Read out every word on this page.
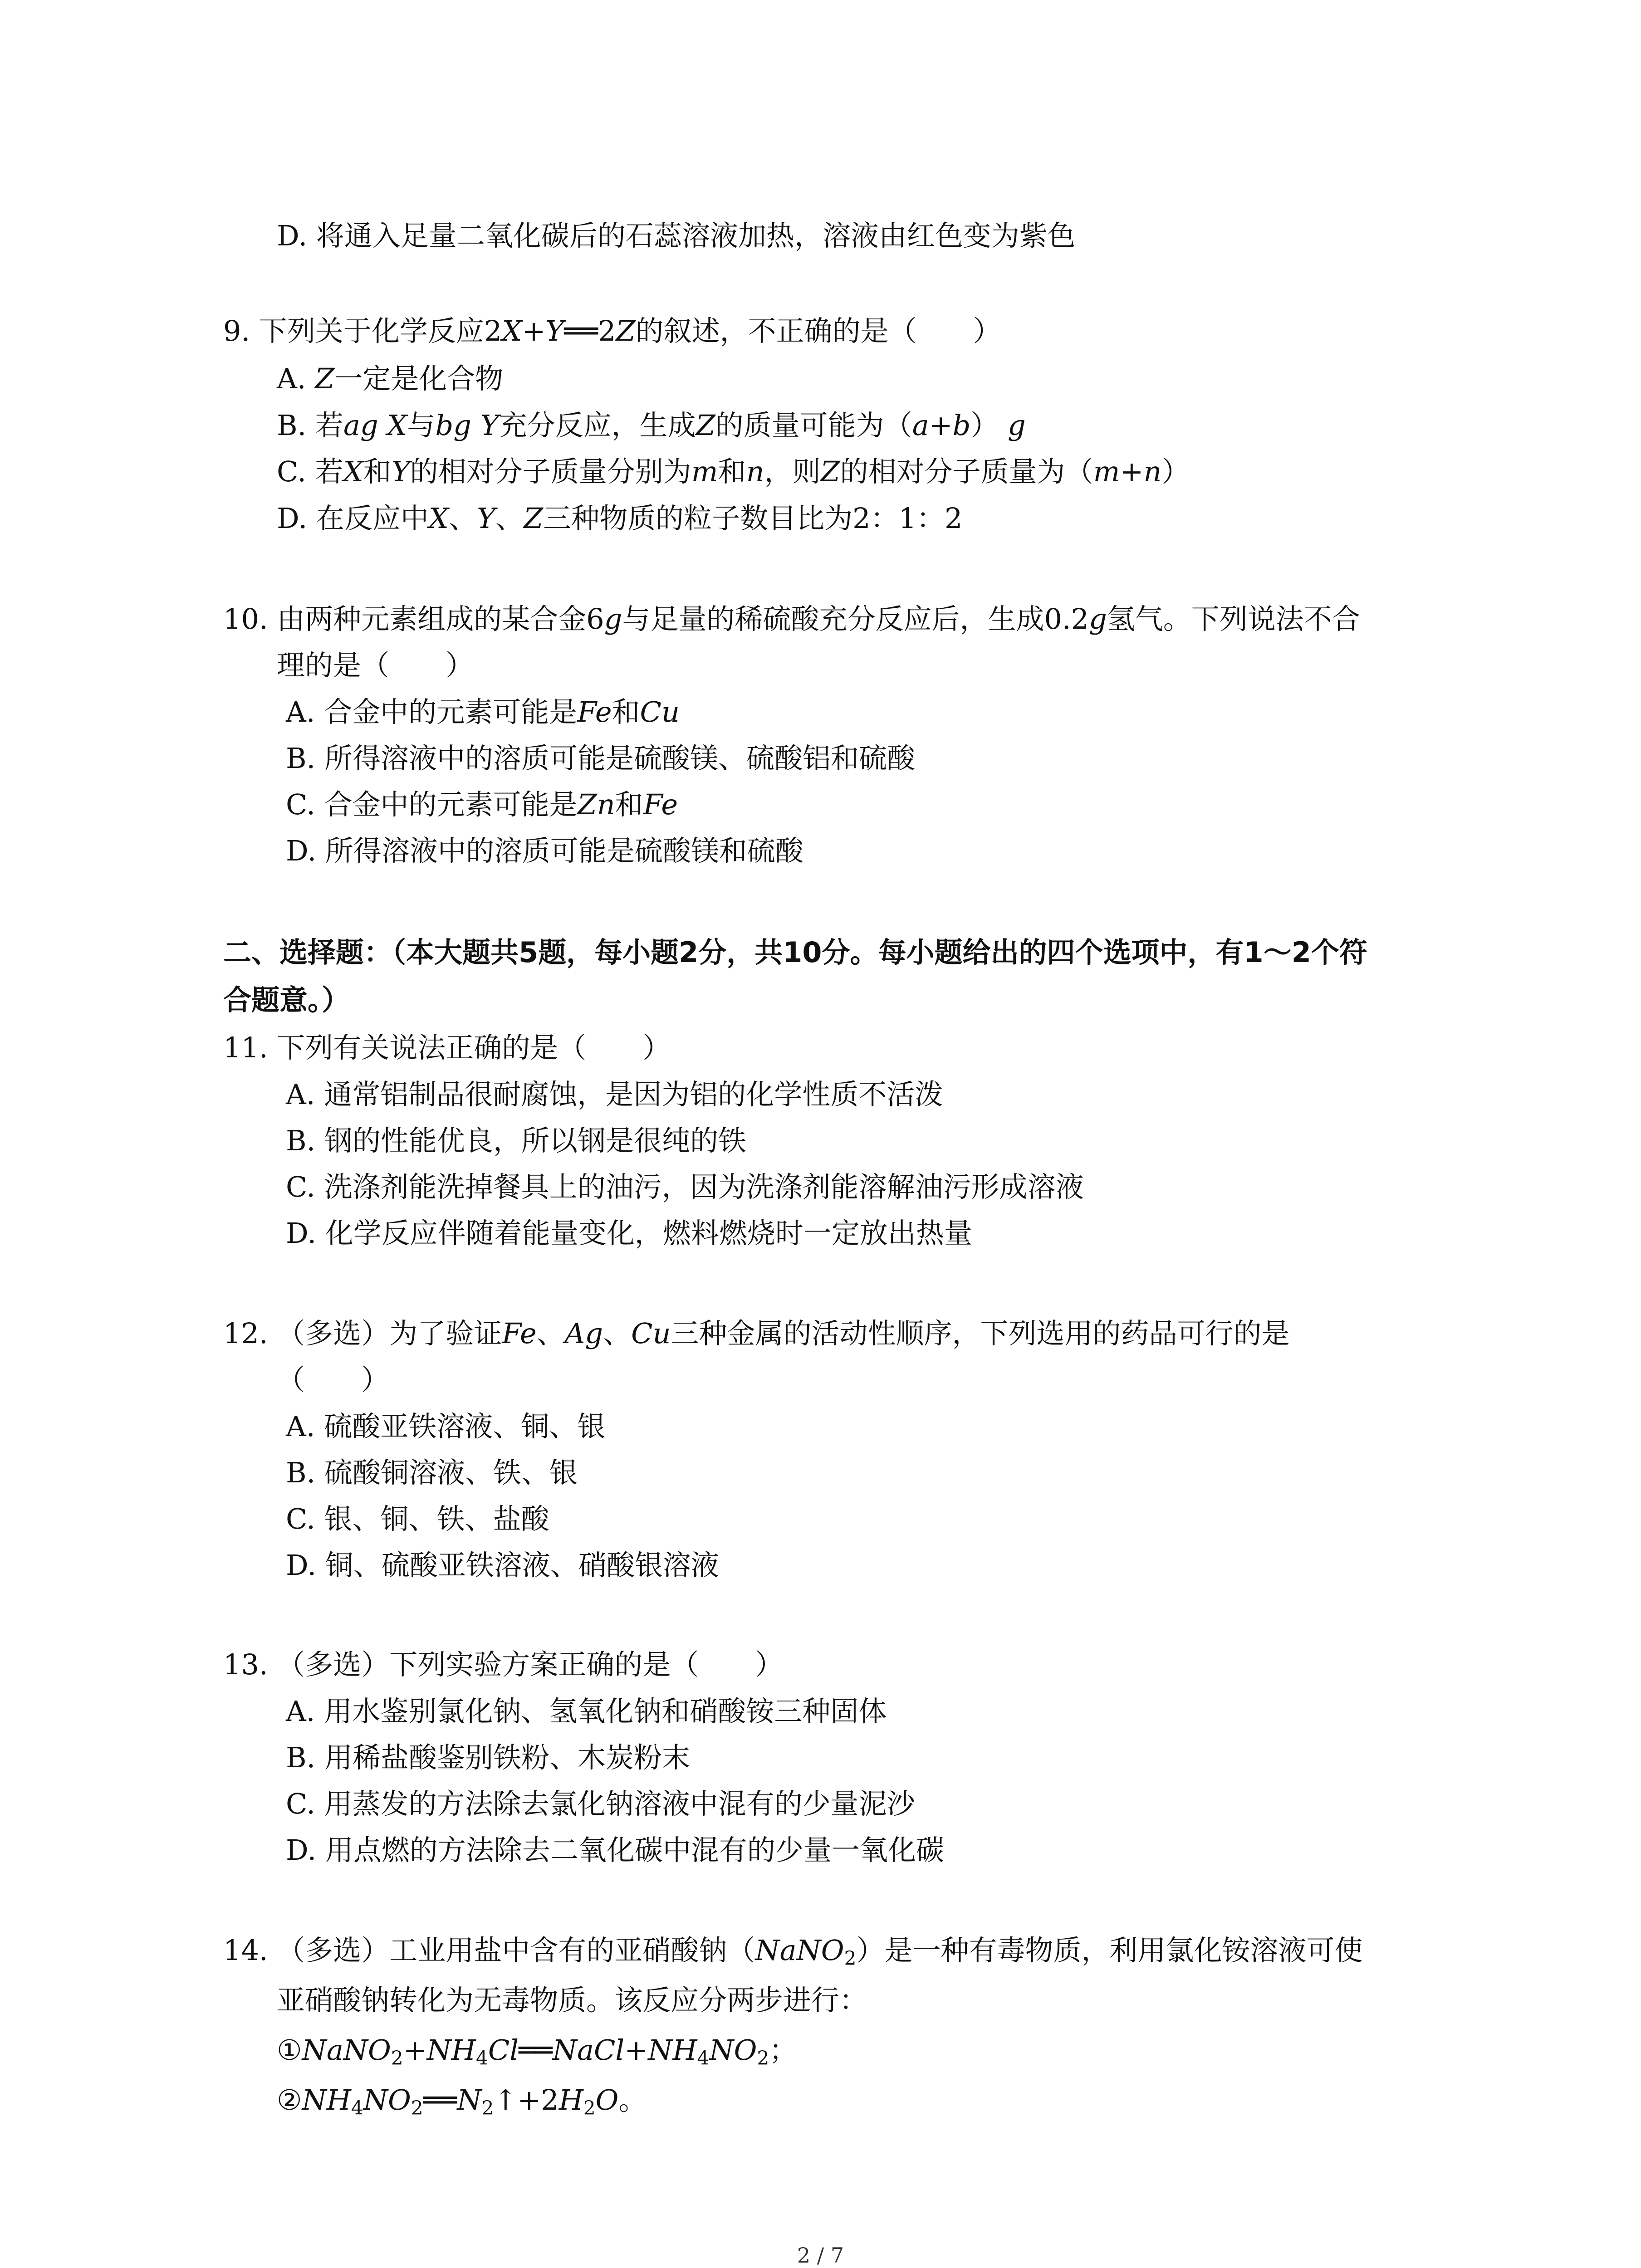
D. 将通入足量二氧化碳后的石蕊溶液加热，溶液由红色变为紫色
9. 下列关于化学反应2X+Y══2Z的叙述，不正确的是（　　）
A. Z一定是化合物
B. 若ag X与bg Y充分反应，生成Z的质量可能为（a+b） g
C. 若X和Y的相对分子质量分别为m和n，则Z的相对分子质量为（m+n）
D. 在反应中X、Y、Z三种物质的粒子数目比为2：1：2
10. 由两种元素组成的某合金6g与足量的稀硫酸充分反应后，生成0.2g氢气。下列说法不合
理的是（　　）
A. 合金中的元素可能是Fe和Cu
B. 所得溶液中的溶质可能是硫酸镁、硫酸铝和硫酸
C. 合金中的元素可能是Zn和Fe
D. 所得溶液中的溶质可能是硫酸镁和硫酸
二、选择题：（本大题共5题，每小题2分，共10分。每小题给出的四个选项中，有1～2个符
合题意。）
11. 下列有关说法正确的是（　　）
A. 通常铝制品很耐腐蚀，是因为铝的化学性质不活泼
B. 钢的性能优良，所以钢是很纯的铁
C. 洗涤剂能洗掉餐具上的油污，因为洗涤剂能溶解油污形成溶液
D. 化学反应伴随着能量变化，燃料燃烧时一定放出热量
12. （多选）为了验证Fe、Ag、Cu三种金属的活动性顺序，下列选用的药品可行的是
（　　）
A. 硫酸亚铁溶液、铜、银
B. 硫酸铜溶液、铁、银
C. 银、铜、铁、盐酸
D. 铜、硫酸亚铁溶液、硝酸银溶液
13. （多选）下列实验方案正确的是（　　）
A. 用水鉴别氯化钠、氢氧化钠和硝酸铵三种固体
B. 用稀盐酸鉴别铁粉、木炭粉末
C. 用蒸发的方法除去氯化钠溶液中混有的少量泥沙
D. 用点燃的方法除去二氧化碳中混有的少量一氧化碳
14. （多选）工业用盐中含有的亚硝酸钠（NaNO$_2$）是一种有毒物质，利用氯化铵溶液可使
亚硝酸钠转化为无毒物质。该反应分两步进行：
$①NaNO_2+NH_4Cl══NaCl+NH_4NO_2$；
$②NH_4NO_2══N_2↑+2H_2O$。
2 / 7
